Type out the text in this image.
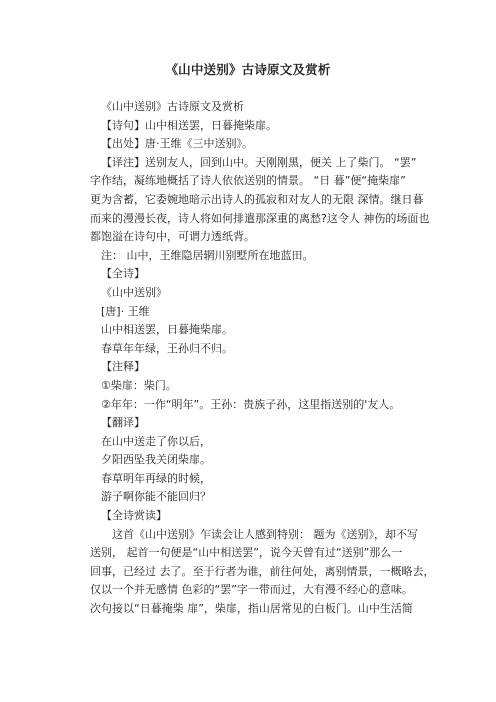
《山中送别》古诗原文及赏析

《山中送别》古诗原文及赏析

【诗句】山中相送罢，日暮掩柴扉。

【出处】唐·王维《三中送别》。

【译注】送别友人，回到山中。天刚刚黑，便关 上了柴门。 “罢”

字作结，凝练地概括了诗人依依送别的情景。 “日 暮”便“掩柴扉”

更为含蓄，它委婉地暗示出诗人的孤寂和对友人的无限 深情。继日暮

而来的漫漫长夜，诗人将如何排遣那深重的离愁?这令人 神伤的场面也

都饱溢在诗句中，可谓力透纸背。

注： 山中，王维隐居辋川别墅所在地蓝田。

【全诗】

《山中送别》

[唐]· 王维

山中相送罢，日暮掩柴扉。

春草年年绿，王孙归不归。

【注释】

①柴扉：柴门。

②年年：一作“明年”。王孙：贵族子孙，这里指送别的'友人。

【翻译】

在山中送走了你以后，

夕阳西坠我关闭柴扉。

春草明年再绿的时候，

游子啊你能不能回归？

【全诗赏读】

这首《山中送别》乍读会让人感到特别： 题为《送别》，却不写

送别， 起首一句便是“山中相送罢”，说今天曾有过“送别”那么一

回事，已经过 去了。至于行者为谁，前往何处，离别情景，一概略去，

仅以一个并无感情 色彩的“罢”字一带而过，大有漫不经心的意味。

次句接以“日暮掩柴 扉”，柴扉，指山居常见的白板门。山中生活简
